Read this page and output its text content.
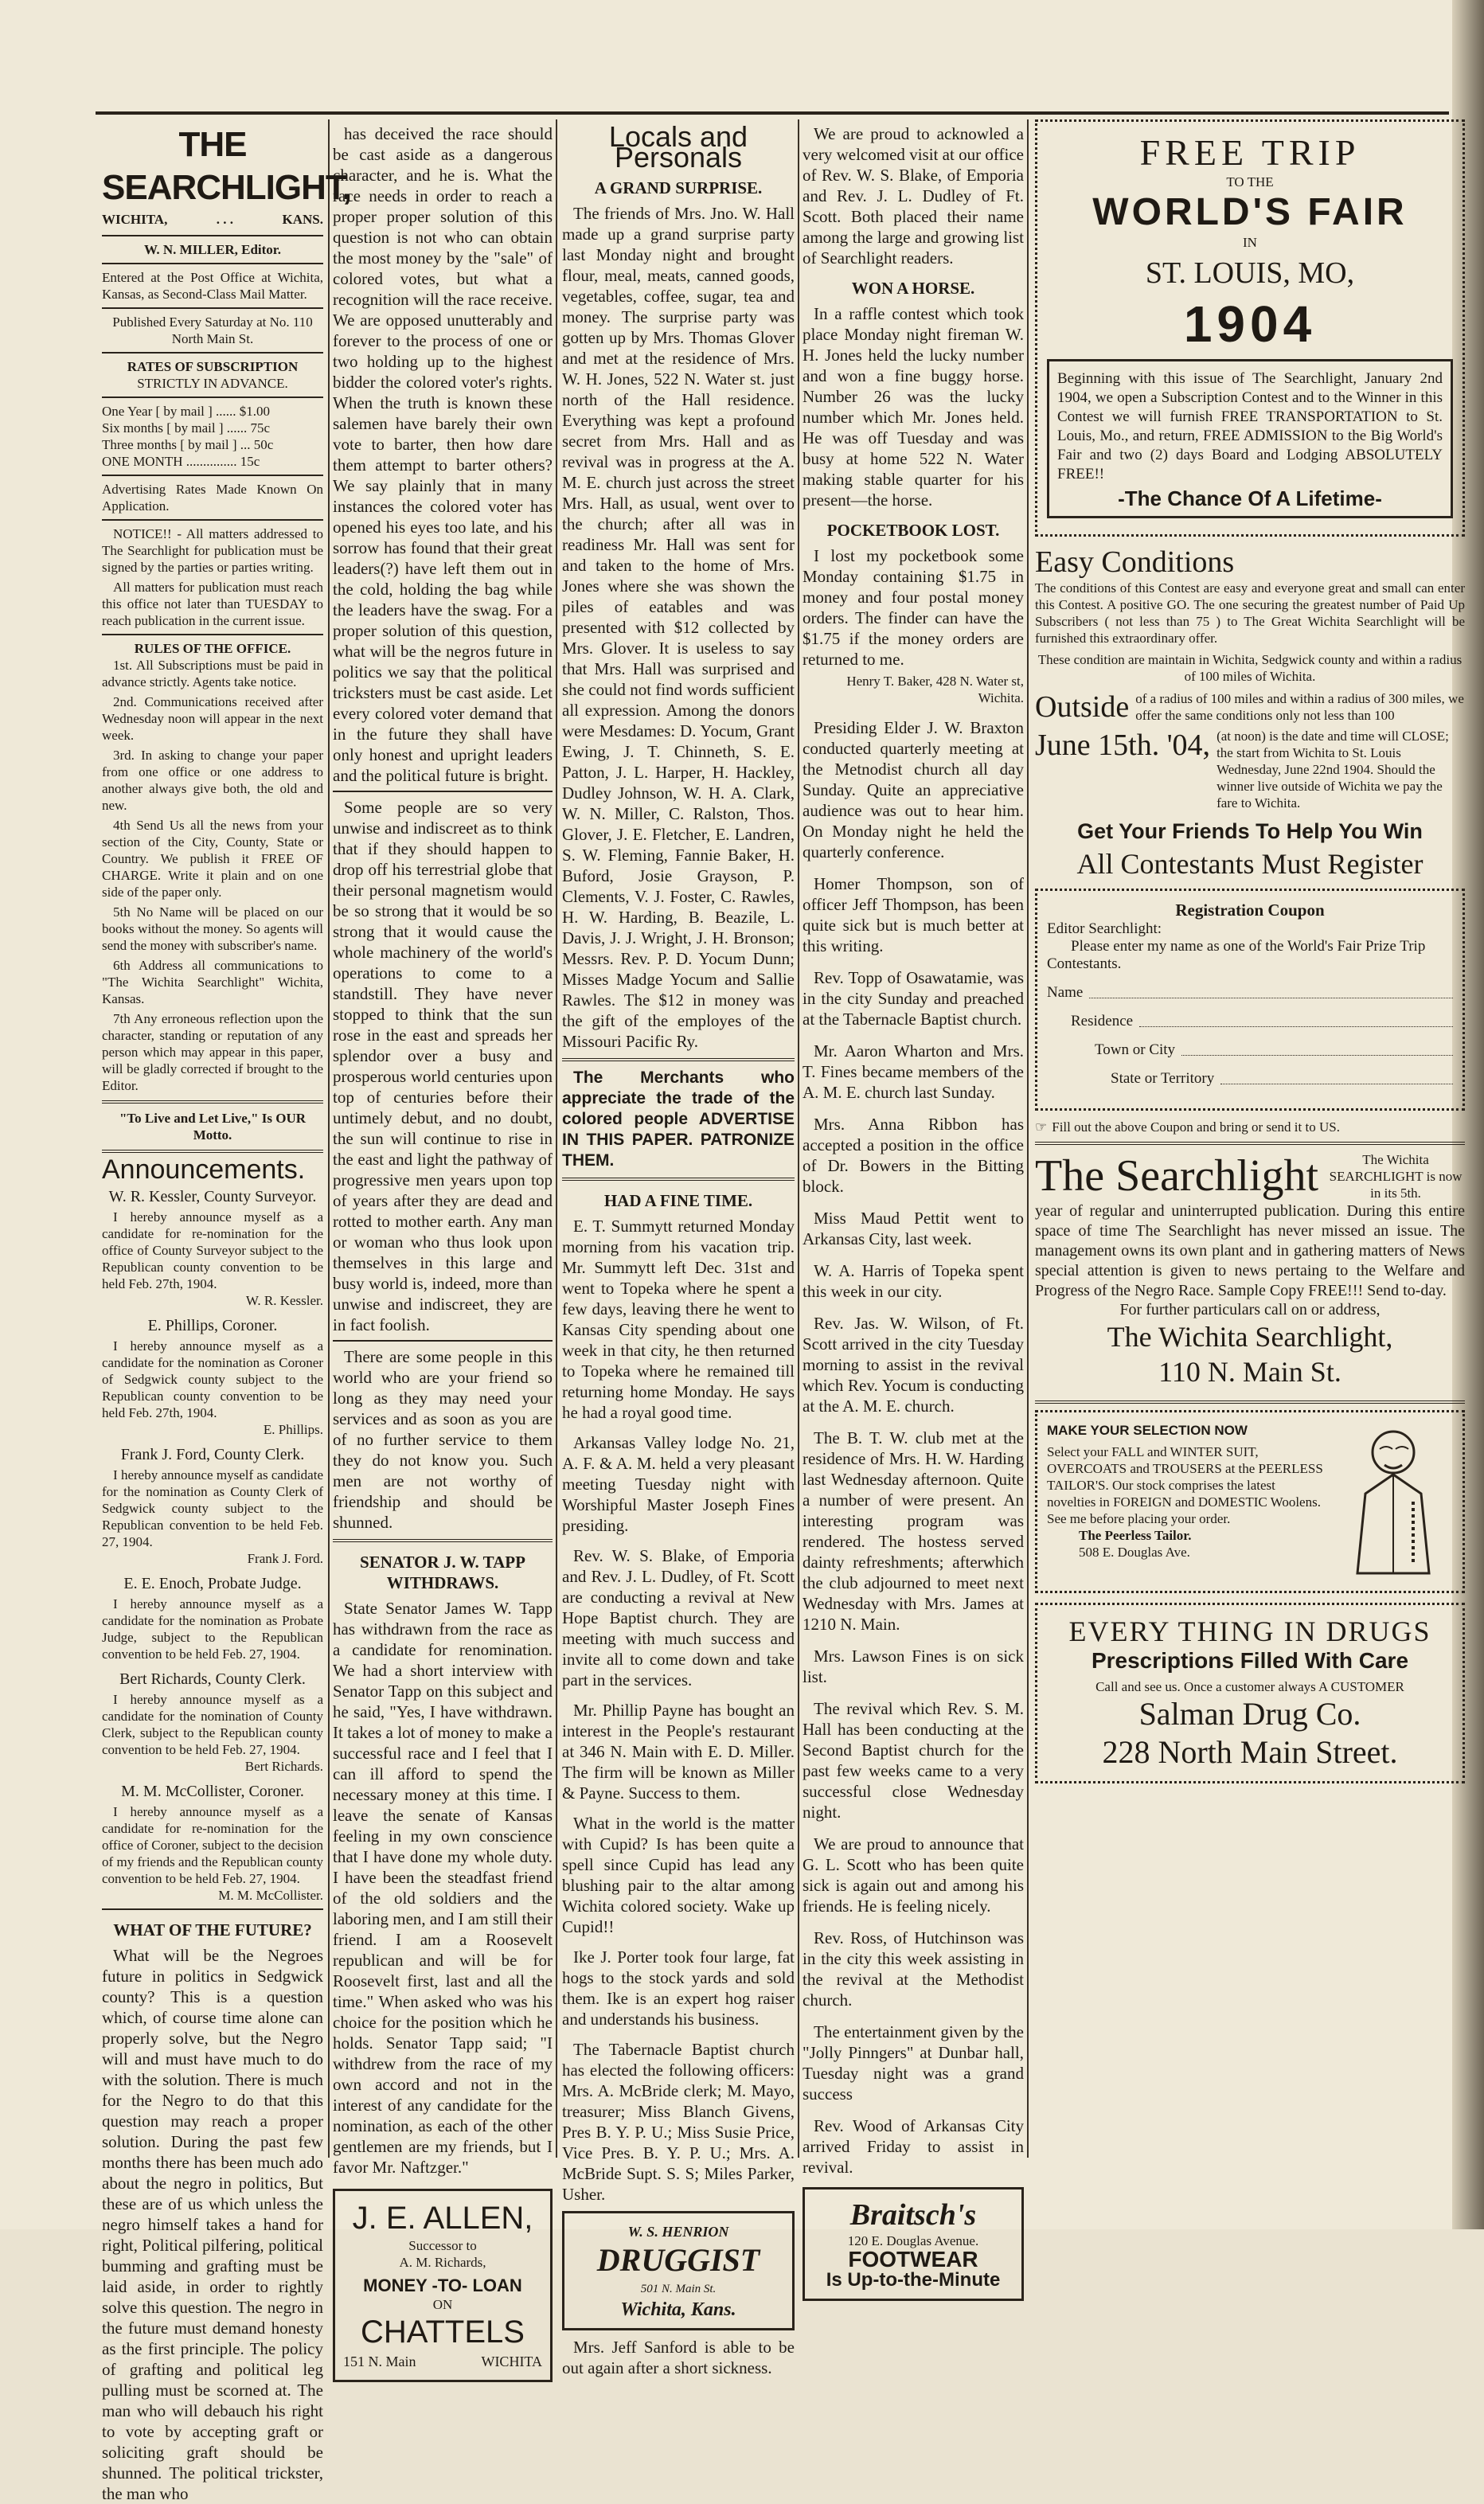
THE SEARCHLIGHT,
WICHITA,	. . .	KANS.
W. N. MILLER, Editor.
Entered at the Post Office at Wichita, Kansas, as Second-Class Mail Matter.
Published Every Saturday at No. 110 North Main St.
RATES OF SUBSCRIPTION
STRICTLY IN ADVANCE.
One Year [ by mail ] ...... $1.00
Six months [ by mail ] ...... 75c
Three months [ by mail ] ... 50c
ONE MONTH ............... 15c
Advertising Rates Made Known On Application.

NOTICE!! - All matters addressed to The Searchlight for publication must be signed by the parties or parties writing.

All matters for publication must reach this office not later than TUESDAY to reach publication in the current issue.

RULES OF THE OFFICE.

1st. All Subscriptions must be paid in advance strictly. Agents take notice.

2nd. Communications received after Wednesday noon will appear in the next week.

3rd. In asking to change your paper from one office or one address to another always give both, the old and new.

4th Send Us all the news from your section of the City, County, State or Country. We publish it FREE OF CHARGE. Write it plain and on one side of the paper only.

5th No Name will be placed on our books without the money. So agents will send the money with subscriber's name.

6th Address all communications to "The Wichita Searchlight" Wichita, Kansas.

7th Any erroneous reflection upon the character, standing or reputation of any person which may appear in this paper, will be gladly corrected if brought to the Editor.

"To Live and Let Live," Is OUR Motto.
Announcements.
W. R. Kessler, County Surveyor.
I hereby announce myself as a candidate for re-nomination for the office of County Surveyor subject to the Republican county convention to be held Feb. 27th, 1904.
W. R. Kessler.
E. Phillips, Coroner.
I hereby announce myself as a candidate for the nomination as Coroner of Sedgwick county subject to the Republican county convention to be held Feb. 27th, 1904.
E. Phillips.
Frank J. Ford, County Clerk.
I hereby announce myself as candidate for the nomination as County Clerk of Sedgwick county subject to the Republican convention to be held Feb. 27, 1904.
Frank J. Ford.
E. E. Enoch, Probate Judge.
I hereby announce myself as a candidate for the nomination as Probate Judge, subject to the Republican convention to be held Feb. 27, 1904.
Bert Richards, County Clerk.
I hereby announce myself as a candidate for the nomination of County Clerk, subject to the Republican county convention to be held Feb. 27, 1904.
Bert Richards.
M. M. McCollister, Coroner.
I hereby announce myself as a candidate for re-nomination for the office of Coroner, subject to the decision of my friends and the Republican county convention to be held Feb. 27, 1904.
M. M. McCollister.
WHAT OF THE FUTURE?

What will be the Negroes future in politics in Sedgwick county? This is a question which, of course time alone can properly solve, but the Negro will and must have much to do with the solution. There is much for the Negro to do that this question may reach a proper solution. During the past few months there has been much ado about the negro in politics, But these are of us which unless the negro himself takes a hand for right, Political pilfering, political bumming and grafting must be laid aside, in order to rightly solve this question. The negro in the future must demand honesty as the first principle. The policy of grafting and political leg pulling must be scorned at. The man who will debauch his right to vote by accepting graft or soliciting graft should be shunned. The political trickster, the man who

has deceived the race should be cast aside as a dangerous character, and he is. What the race needs in order to reach a proper proper solution of this question is not who can obtain the most money by the "sale" of colored votes, but what a recognition will the race receive. We are opposed unutterably and forever to the process of one or two holding up to the highest bidder the colored voter's rights. When the truth is known these salemen have barely their own vote to barter, then how dare them attempt to barter others? We say plainly that in many instances the colored voter has opened his eyes too late, and his sorrow has found that their great leaders(?) have left them out in the cold, holding the bag while the leaders have the swag. For a proper solution of this question, what will be the negros future in politics we say that the political tricksters must be cast aside. Let every colored voter demand that in the future they shall have only honest and upright leaders and the political future is bright.

Some people are so very unwise and indiscreet as to think that if they should happen to drop off his terrestrial globe that their personal magnetism would be so strong that it would be so strong that it would cause the whole machinery of the world's operations to come to a standstill. They have never stopped to think that the sun rose in the east and spreads her splendor over a busy and prosperous world centuries upon top of centuries before their untimely debut, and no doubt, the sun will continue to rise in the east and light the pathway of progressive men years upon top of years after they are dead and rotted to mother earth. Any man or woman who thus look upon themselves in this large and busy world is, indeed, more than unwise and indiscreet, they are in fact foolish.

There are some people in this world who are your friend so long as they may need your services and as soon as you are of no further service to them they do not know you. Such men are not worthy of friendship and should be shunned.

SENATOR J. W. TAPP WITHDRAWS.

State Senator James W. Tapp has withdrawn from the race as a candidate for renomination. We had a short interview with Senator Tapp on this subject and he said, "Yes, I have withdrawn. It takes a lot of money to make a successful race and I feel that I can ill afford to spend the necessary money at this time. I leave the senate of Kansas feeling in my own conscience that I have done my whole duty. I have been the steadfast friend of the old soldiers and the laboring men, and I am still their friend. I am a Roosevelt republican and will be for Roosevelt first, last and all the time." When asked who was his choice for the position which he holds. Senator Tapp said; "I withdrew from the race of my own accord and not in the interest of any candidate for the nomination, as each of the other gentlemen are my friends, but I favor Mr. Naftzger."

J. E. ALLEN,
Successor to
A. M. Richards,
MONEY -TO- LOAN
ON
CHATTELS
151 N. Main	WICHITA
Locals and Personals
A GRAND SURPRISE.

The friends of Mrs. Jno. W. Hall made up a grand surprise party last Monday night and brought flour, meal, meats, canned goods, vegetables, coffee, sugar, tea and money. The surprise party was gotten up by Mrs. Thomas Glover and met at the residence of Mrs. W. H. Jones, 522 N. Water st. just north of the Hall residence. Everything was kept a profound secret from Mrs. Hall and as revival was in progress at the A. M. E. church just across the street Mrs. Hall, as usual, went over to the church; after all was in readiness Mr. Hall was sent for and taken to the home of Mrs. Jones where she was shown the piles of eatables and was presented with $12 collected by Mrs. Glover. It is useless to say that Mrs. Hall was surprised and she could not find words sufficient all expression. Among the donors were Mesdames: D. Yocum, Grant Ewing, J. T. Chinneth, S. E. Patton, J. L. Harper, H. Hackley, Dudley Johnson, W. H. A. Clark, W. N. Miller, C. Ralston, Thos. Glover, J. E. Fletcher, E. Landren, S. W. Fleming, Fannie Baker, H. Buford, Josie Grayson, P. Clements, V. J. Foster, C. Rawles, H. W. Harding, B. Beazile, L. Davis, J. J. Wright, J. H. Bronson; Messrs. Rev. P. D. Yocum Dunn; Misses Madge Yocum and Sallie Rawles. The $12 in money was the gift of the employes of the Missouri Pacific Ry.

The Merchants who appreciate the trade of the colored people ADVERTISE IN THIS PAPER. PATRONIZE THEM.

HAD A FINE TIME.

E. T. Summytt returned Monday morning from his vacation trip. Mr. Summytt left Dec. 31st and went to Topeka where he spent a few days, leaving there he went to Kansas City spending about one week in that city, he then returned to Topeka where he remained till returning home Monday. He says he had a royal good time.

Arkansas Valley lodge No. 21, A. F. & A. M. held a very pleasant meeting Tuesday night with Worshipful Master Joseph Fines presiding.

Rev. W. S. Blake, of Emporia and Rev. J. L. Dudley, of Ft. Scott are conducting a revival at New Hope Baptist church. They are meeting with much success and invite all to come down and take part in the services.

Mr. Phillip Payne has bought an interest in the People's restaurant at 346 N. Main with E. D. Miller. The firm will be known as Miller & Payne. Success to them.

What in the world is the matter with Cupid? Is has been quite a spell since Cupid has lead any blushing pair to the altar among Wichita colored society. Wake up Cupid!!

Ike J. Porter took four large, fat hogs to the stock yards and sold them. Ike is an expert hog raiser and understands his business.

The Tabernacle Baptist church has elected the following officers: Mrs. A. McBride clerk; M. Mayo, treasurer; Miss Blanch Givens, Pres B. Y. P. U.; Miss Susie Price, Vice Pres. B. Y. P. U.; Mrs. A. McBride Supt. S. S; Miles Parker, Usher.

W. S. HENRION
DRUGGIST
501 N. Main St.
Wichita, Kans.

Mrs. Jeff Sanford is able to be out again after a short sickness.

We are proud to acknowled a very welcomed visit at our office of Rev. W. S. Blake, of Emporia and Rev. J. L. Dudley of Ft. Scott. Both placed their name among the large and growing list of Searchlight readers.

WON A HORSE.

In a raffle contest which took place Monday night fireman W. H. Jones held the lucky number and won a fine buggy horse. Number 26 was the lucky number which Mr. Jones held. He was off Tuesday and was busy at home 522 N. Water making stable quarter for his present—the horse.

POCKETBOOK LOST.

I lost my pocketbook some Monday containing $1.75 in money and four postal money orders. The finder can have the $1.75 if the money orders are returned to me.

Henry T. Baker, 428 N. Water st, Wichita.

Presiding Elder J. W. Braxton conducted quarterly meeting at the Metnodist church all day Sunday. Quite an appreciative audience was out to hear him. On Monday night he held the quarterly conference.

Homer Thompson, son of officer Jeff Thompson, has been quite sick but is much better at this writing.

Rev. Topp of Osawatamie, was in the city Sunday and preached at the Tabernacle Baptist church.

Mr. Aaron Wharton and Mrs. T. Fines became members of the A. M. E. church last Sunday.

Mrs. Anna Ribbon has accepted a position in the office of Dr. Bowers in the Bitting block.

Miss Maud Pettit went to Arkansas City, last week.

W. A. Harris of Topeka spent this week in our city.

Rev. Jas. W. Wilson, of Ft. Scott arrived in the city Tuesday morning to assist in the revival which Rev. Yocum is conducting at the A. M. E. church.

The B. T. W. club met at the residence of Mrs. H. W. Harding last Wednesday afternoon. Quite a number of were present. An interesting program was rendered. The hostess served dainty refreshments; afterwhich the club adjourned to meet next Wednesday with Mrs. James at 1210 N. Main.

Mrs. Lawson Fines is on sick list.

The revival which Rev. S. M. Hall has been conducting at the Second Baptist church for the past few weeks came to a very successful close Wednesday night.

We are proud to announce that G. L. Scott who has been quite sick is again out and among his friends. He is feeling nicely.

Rev. Ross, of Hutchinson was in the city this week assisting in the revival at the Methodist church.

The entertainment given by the "Jolly Pinngers" at Dunbar hall, Tuesday night was a grand success

Rev. Wood of Arkansas City arrived Friday to assist in revival.

Braitsch's
120 E. Douglas Avenue.
FOOTWEAR
Is Up-to-the-Minute
FREE TRIP
TO THE
WORLD'S FAIR
IN
ST. LOUIS, MO,
1904
Beginning with this issue of The Searchlight, January 2nd 1904, we open a Subscription Contest and to the Winner in this Contest we will furnish FREE TRANSPORTATION to St. Louis, Mo., and return, FREE ADMISSION to the Big World's Fair and two (2) days Board and Lodging ABSOLUTELY FREE!!
-The Chance Of A Lifetime-
Easy Conditions
The conditions of this Contest are easy and everyone great and small can enter this Contest. A positive GO. The one securing the greatest number of Paid Up Subscribers ( not less than 75 ) to The Great Wichita Searchlight will be furnished this extraordinary offer.
These condition are maintain in Wichita, Sedgwick county and within a radius of 100 miles of Wichita.
Outside of a radius of 100 miles and within a radius of 300 miles, we offer the same conditions only not less than 100
June 15th. '04, (at noon) is the date and time will CLOSE; the start from Wichita to St. Louis Wednesday, June 22nd 1904. Should the winner live outside of Wichita we pay the fare to Wichita.
Get Your Friends To Help You Win
All Contestants Must Register
Registration Coupon
Editor Searchlight:
Please enter my name as one of the World's Fair Prize Trip Contestants.
Name
Residence
Town or City
State or Territory
☞ Fill out the above Coupon and bring or send it to US.
The Searchlight	The Wichita SEARCHLIGHT is now in its 5th.
year of regular and uninterrupted publication. During this entire space of time The Searchlight has never missed an issue. The management owns its own plant and in gathering matters of News special attention is given to news pertaing to the Welfare and Progress of the Negro Race. Sample Copy FREE!!! Send to-day.
For further particulars call on or address,
The Wichita Searchlight,
110 N. Main St.
MAKE YOUR SELECTION NOW
Select your FALL and WINTER SUIT, OVERCOATS and TROUSERS at the PEERLESS TAILOR'S. Our stock comprises the latest novelties in FOREIGN and DOMESTIC Woolens. See me before placing your order.
The Peerless Tailor.
508 E. Douglas Ave.
EVERY THING IN DRUGS
Prescriptions Filled With Care
Call and see us. Once a customer always A CUSTOMER
Salman Drug Co.
228 North Main Street.
